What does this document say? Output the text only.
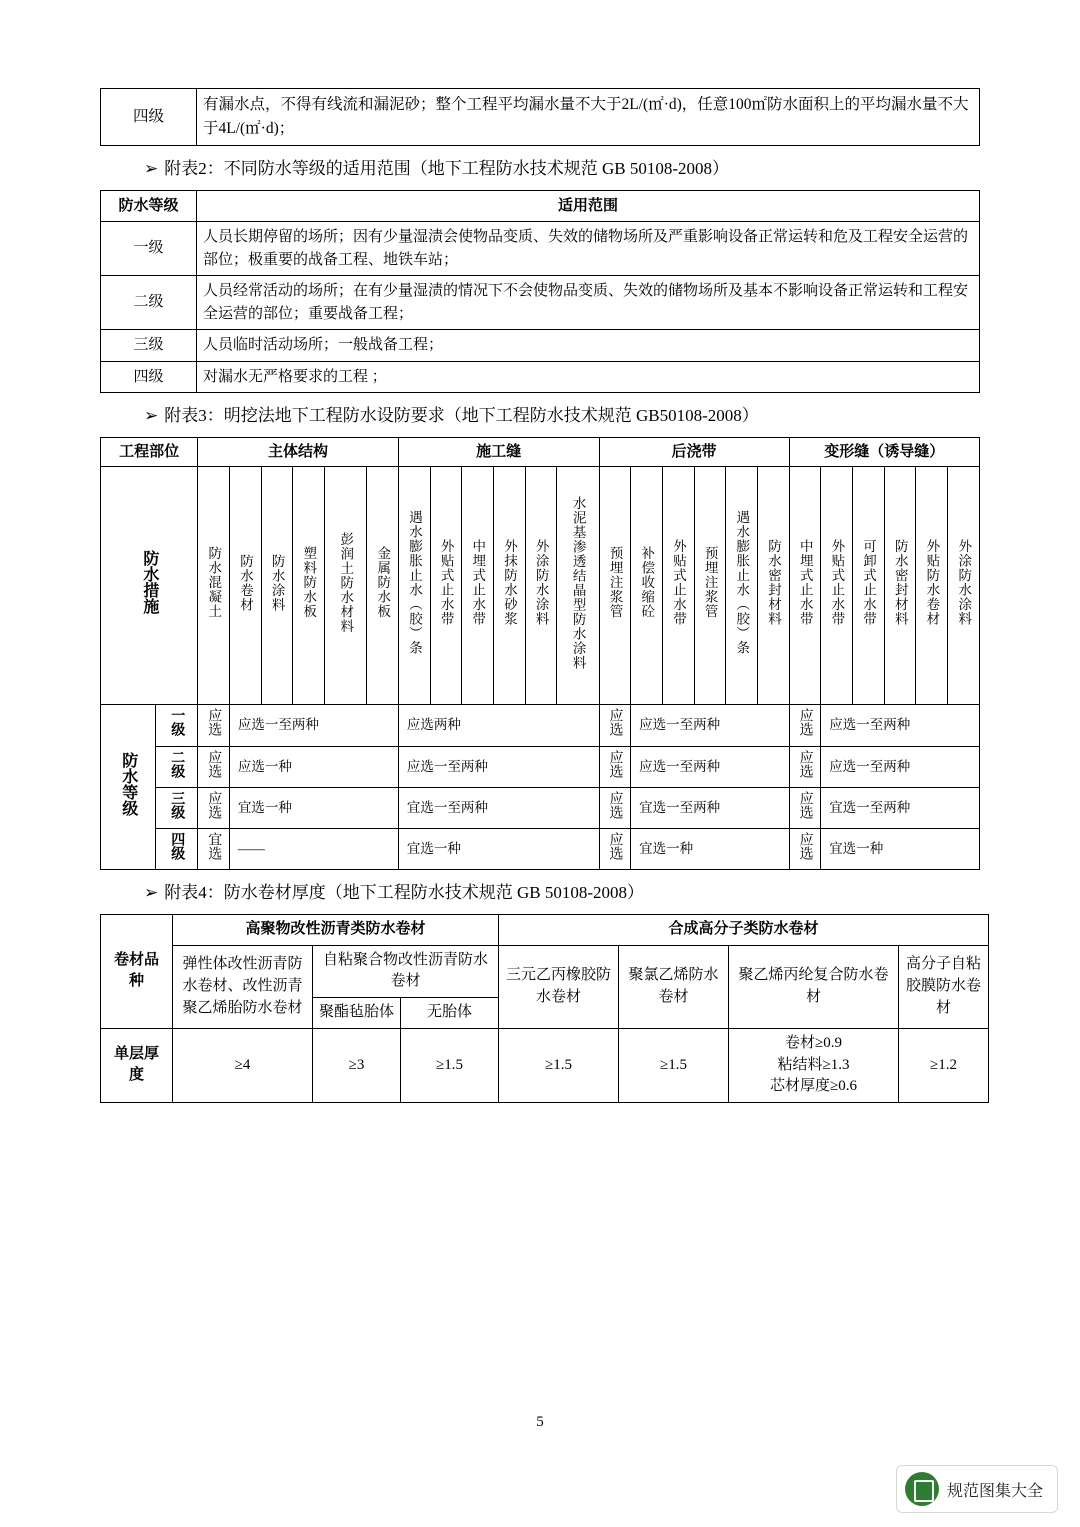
四级	有漏水点，不得有线流和漏泥砂；整个工程平均漏水量不大于2L/(㎡·d)，任意100㎡防水面积上的平均漏水量不大于4L/(㎡·d)；
➢ 附表2：不同防水等级的适用范围（地下工程防水技术规范 GB 50108-2008）
防水等级	适用范围
一级	人员长期停留的场所；因有少量湿渍会使物品变质、失效的储物场所及严重影响设备正常运转和危及工程安全运营的部位；极重要的战备工程、地铁车站；
二级	人员经常活动的场所；在有少量湿渍的情况下不会使物品变质、失效的储物场所及基本不影响设备正常运转和工程安全运营的部位；重要战备工程；
三级	人员临时活动场所；一般战备工程；
四级	对漏水无严格要求的工程 ；
➢ 附表3：明挖法地下工程防水设防要求（地下工程防水技术规范 GB50108-2008）
工程部位		主体结构						施工缝						后浇带						变形缝（诱导缝）					
防水措施		防水混凝土	防水卷材	防水涂料	塑料防水板	彭润土防水材料	金属防水板	遇水膨胀止水（胶）条	外贴式止水带	中埋式止水带	外抹防水砂浆	外涂防水涂料	水泥基渗透结晶型防水涂料	预埋注浆管	补偿收缩砼	外贴式止水带	预埋注浆管	遇水膨胀止水（胶）条	防水密封材料	中埋式止水带	外贴式止水带	可卸式止水带	防水密封材料	外贴防水卷材	外涂防水涂料
防水等级	一级	应选	应选一至两种					应选两种						应选	应选一至两种					应选	应选一至两种				
	二级	应选	应选一种					应选一至两种						应选	应选一至两种					应选	应选一至两种				
	三级	应选	宜选一种					宜选一至两种						应选	宜选一至两种					应选	宜选一至两种				
	四级	宜选	——					宜选一种						应选	宜选一种					应选	宜选一种				
➢ 附表4：防水卷材厚度（地下工程防水技术规范 GB 50108-2008）
卷材品种	高聚物改性沥青类防水卷材			合成高分子类防水卷材			
	弹性体改性沥青防水卷材、改性沥青聚乙烯胎防水卷材	自粘聚合物改性沥青防水卷材		三元乙丙橡胶防水卷材	聚氯乙烯防水卷材	聚乙烯丙纶复合防水卷材	高分子自粘胶膜防水卷材
		聚酯毡胎体	无胎体				
单层厚度	≥4	≥3	≥1.5	≥1.5	≥1.5	卷材≥0.9
粘结料≥1.3
芯材厚度≥0.6	≥1.2
5
规范图集大全
